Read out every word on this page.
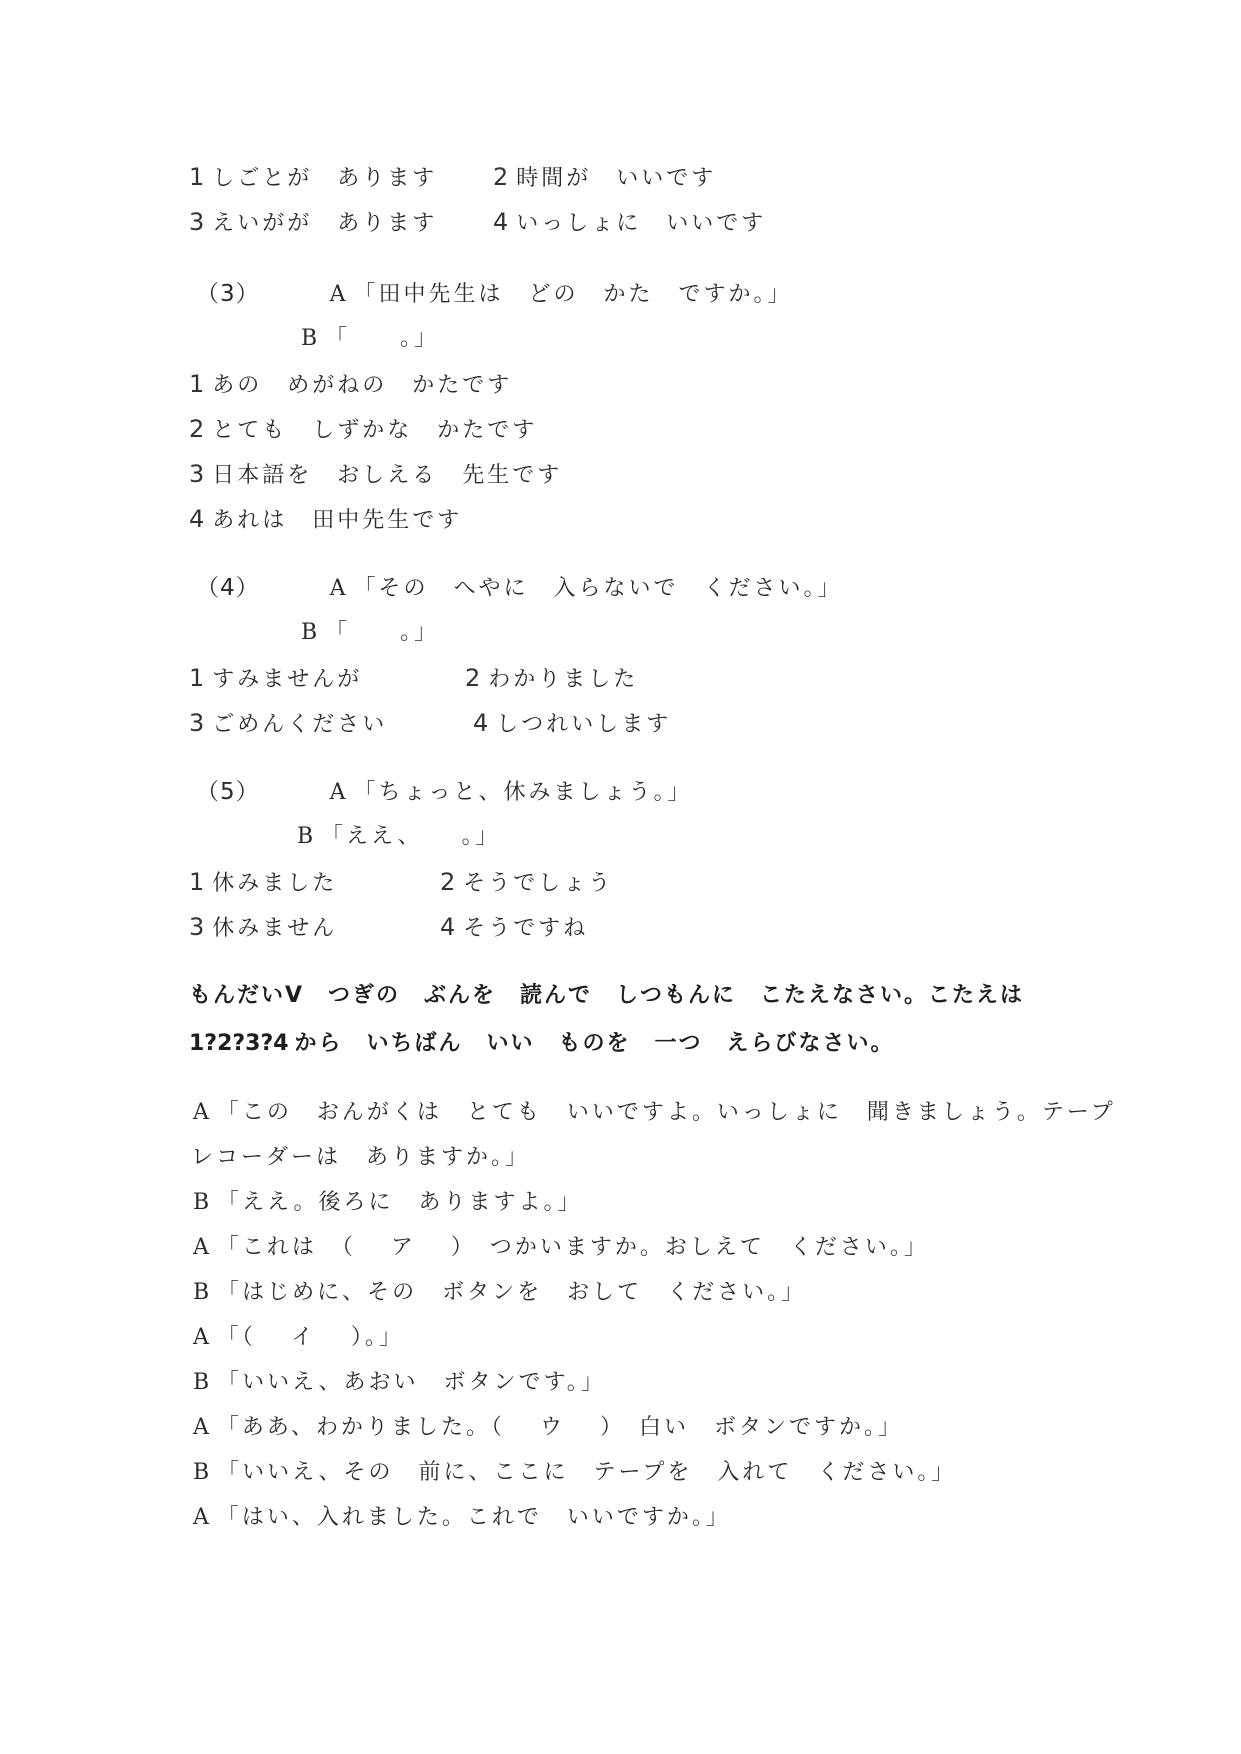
1 しごとが　あります 2 時間が　いいです
3 えいがが　あります 4 いっしょに　いいです
（3）	A 「田中先生は　どの　かた　ですか。」
B 「　　。」
1 あの　めがねの　かたです
2 とても　しずかな　かたです
3 日本語を　おしえる　先生です
4 あれは　田中先生です
（4）	A 「その　へやに　入らないで　ください。」
B 「　　。」
1 すみませんが	2 わかりました
3 ごめんください	4 しつれいします
（5）	A 「ちょっと、休みましょう。」
B 「ええ、　　。」
1 休みました	2 そうでしょう
3 休みません	4 そうですね
もんだいⅤ　つぎの　ぶんを　読んで　しつもんに　こたえなさい。こたえは
1?2?3?4 から　いちばん　いい　ものを　一つ　えらびなさい。
A 「この　おんがくは　とても　いいですよ。いっしょに　聞きましょう。テープ
レコーダーは　ありますか。」
B 「ええ。後ろに　ありますよ。」
A 「これは　（　 ア　 ）　つかいますか。おしえて　ください。」
B 「はじめに、その　ボタンを　おして　ください。」
A 「（　 イ　 ）。」
B 「いいえ、あおい　ボタンです。」
A 「ああ、わかりました。（　 ウ　 ）　白い　ボタンですか。」
B 「いいえ、その　前に、ここに　テープを　入れて　ください。」
A 「はい、入れました。これで　いいですか。」
